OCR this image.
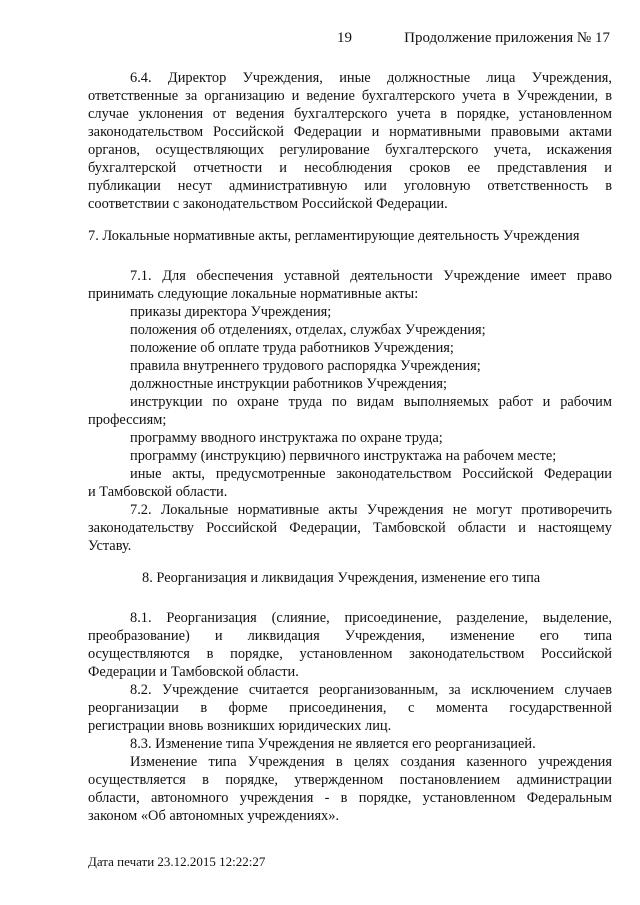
19	Продолжение приложения № 17

6.4. Директор Учреждения, иные должностные лица Учреждения,

ответственные за организацию и ведение бухгалтерского учета в Учреждении, в

случае уклонения от ведения бухгалтерского учета в порядке, установленном

законодательством Российской Федерации и нормативными правовыми актами

органов, осуществляющих регулирование бухгалтерского учета, искажения

бухгалтерской отчетности и несоблюдения сроков ее представления и

публикации несут административную или уголовную ответственность в

соответствии с законодательством Российской Федерации.

7. Локальные нормативные акты, регламентирующие деятельность Учреждения

7.1. Для обеспечения уставной деятельности Учреждение имеет право

принимать следующие локальные нормативные акты:

приказы директора Учреждения;

положения об отделениях, отделах, службах Учреждения;

положение об оплате труда работников Учреждения;

правила внутреннего трудового распорядка Учреждения;

должностные инструкции работников Учреждения;

инструкции по охране труда по видам выполняемых работ и рабочим

профессиям;

программу вводного инструктажа по охране труда;

программу (инструкцию) первичного инструктажа на рабочем месте;

иные акты, предусмотренные законодательством Российской Федерации

и Тамбовской области.

7.2. Локальные нормативные акты Учреждения не могут противоречить

законодательству Российской Федерации, Тамбовской области и настоящему

Уставу.

8. Реорганизация и ликвидация Учреждения, изменение его типа

8.1. Реорганизация (слияние, присоединение, разделение, выделение,

преобразование) и ликвидация Учреждения, изменение его типа

осуществляются в порядке, установленном законодательством Российской

Федерации и Тамбовской области.

8.2. Учреждение считается реорганизованным, за исключением случаев

реорганизации в форме присоединения, с момента государственной

регистрации вновь возникших юридических лиц.

8.3. Изменение типа Учреждения не является его реорганизацией.

Изменение типа Учреждения в целях создания казенного учреждения

осуществляется в порядке, утвержденном постановлением администрации

области, автономного учреждения - в порядке, установленном Федеральным

законом «Об автономных учреждениях».

Дата печати 23.12.2015 12:22:27
